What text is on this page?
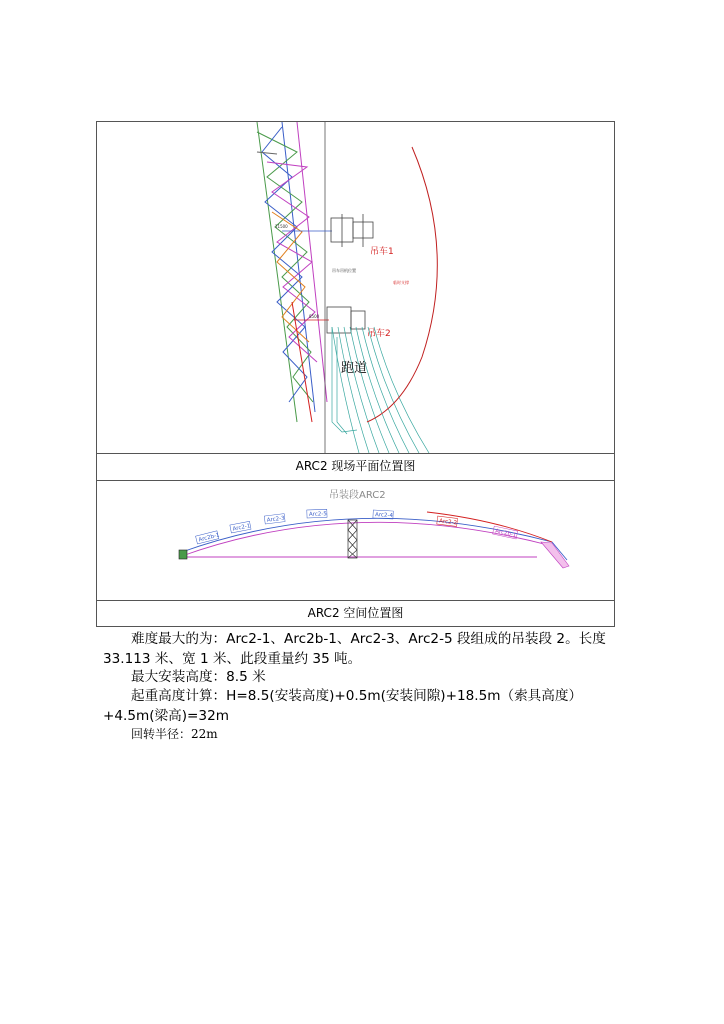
11500
吊车1
8500
吊车2
吊车吊机位置
临时支撑
跑道
ARC2 现场平面位置图
吊装段ARC2
Arc2b-1
Arc2-1
Arc2-3
Arc2-5	Arc2-4
Arc2-2
Arc2b-1
ARC2 空间位置图
难度最大的为：Arc2-1、Arc2b-1、Arc2-3、Arc2-5 段组成的吊装段 2。长度
33.113 米、宽 1 米、此段重量约 35 吨。
最大安装高度：8.5 米
起重高度计算：H=8.5(安装高度)+0.5m(安装间隙)+18.5m（索具高度）
+4.5m(梁高)=32m
回转半径：22m
